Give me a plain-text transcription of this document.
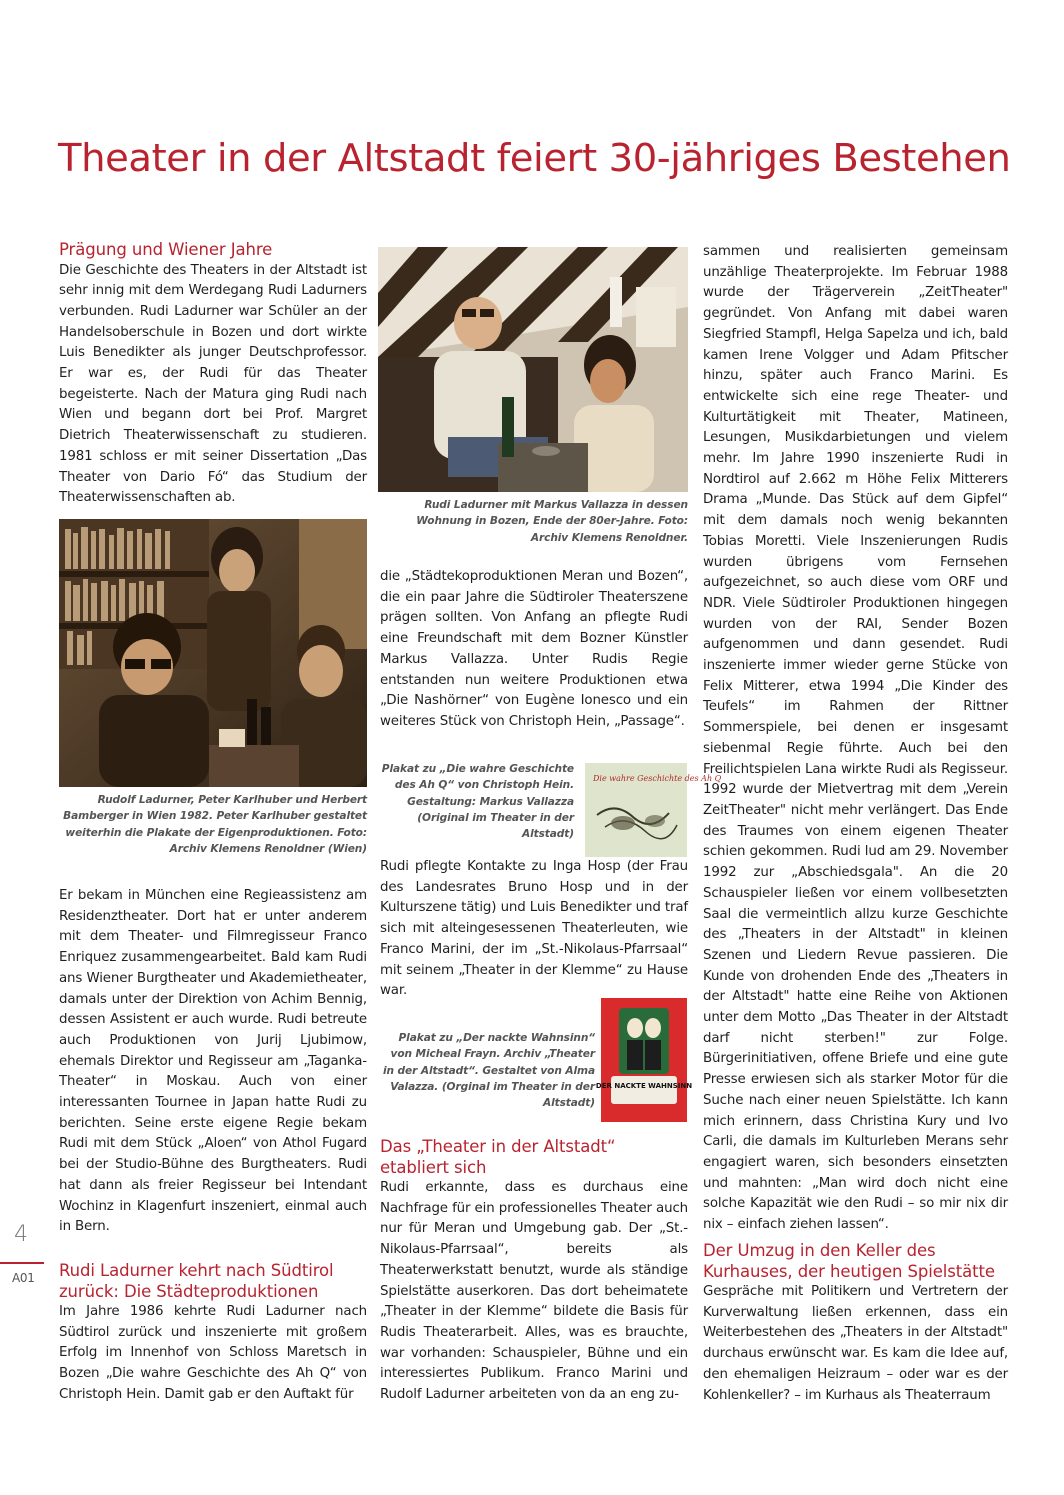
Theater in der Altstadt feiert 30-jähriges Bestehen
Prägung und Wiener Jahre

Die Geschichte des Theaters in der Altstadt ist sehr innig mit dem Werdegang Rudi Ladurners verbunden. Rudi Ladurner war Schüler an der Handelsoberschule in Bozen und dort wirkte Luis Benedikter als junger Deutschprofessor. Er war es, der Rudi für das Theater begeisterte. Nach der Matura ging Rudi nach Wien und begann dort bei Prof. Margret Dietrich Theaterwissenschaft zu studieren. 1981 schloss er mit seiner Dissertation „Das Theater von Dario Fó“ das Studium der Theaterwissenschaften ab.

Rudolf Ladurner, Peter Karlhuber und Herbert Bamberger in Wien 1982. Peter Karlhuber gestaltet weiterhin die Plakate der Eigenproduktionen. Foto: Archiv Klemens Renoldner (Wien)

Er bekam in München eine Regieassistenz am Residenztheater. Dort hat er unter anderem mit dem Theater- und Filmregisseur Franco Enriquez zusammengearbeitet. Bald kam Rudi ans Wiener Burgtheater und Akademietheater, damals unter der Direktion von Achim Bennig, dessen Assistent er auch wurde. Rudi betreute auch Produktionen von Jurij Ljubimow, ehemals Direktor und Regisseur am „Taganka-Theater“ in Moskau. Auch von einer interessanten Tournee in Japan hatte Rudi zu berichten. Seine erste eigene Regie bekam Rudi mit dem Stück „Aloen“ von Athol Fugard bei der Studio-Bühne des Burgtheaters. Rudi hat dann als freier Regisseur bei Intendant Wochinz in Klagenfurt inszeniert, einmal auch in Bern.

Rudi Ladurner kehrt nach Südtirol zurück: Die Städteproduktionen

Im Jahre 1986 kehrte Rudi Ladurner nach Südtirol zurück und inszenierte mit großem Erfolg im Innenhof von Schloss Maretsch in Bozen „Die wahre Geschichte des Ah Q“ von Christoph Hein. Damit gab er den Auftakt für

Rudi Ladurner mit Markus Vallazza in dessen Wohnung in Bozen, Ende der 80er-Jahre. Foto: Archiv Klemens Renoldner.

die „Städtekoproduktionen Meran und Bozen“, die ein paar Jahre die Südtiroler Theaterszene prägen sollten. Von Anfang an pflegte Rudi eine Freundschaft mit dem Bozner Künstler Markus Vallazza. Unter Rudis Regie entstanden nun weitere Produktionen etwa „Die Nashörner“ von Eugène Ionesco und ein weiteres Stück von Christoph Hein, „Passage“.

Plakat zu „Die wahre Geschichte des Ah Q“ von Christoph Hein. Gestaltung: Markus Vallazza (Original im Theater in der Altstadt)

Die wahre Geschichte des Ah Q

Rudi pflegte Kontakte zu Inga Hosp (der Frau des Landesrates Bruno Hosp und in der Kulturszene tätig) und Luis Benedikter und traf sich mit alteingesessenen Theaterleuten, wie Franco Marini, der im „St.-Nikolaus-Pfarrsaal“ mit seinem „Theater in der Klemme“ zu Hause war.

Plakat zu „Der nackte Wahnsinn“ von Micheal Frayn. Archiv „Theater in der Altstadt“. Gestaltet von Alma Valazza. (Orginal im Theater in der Altstadt)

DER NACKTE WAHNSINN
Das „Theater in der Altstadt“ etabliert sich

Rudi erkannte, dass es durchaus eine Nachfrage für ein professionelles Theater auch nur für Meran und Umgebung gab. Der „St.-Nikolaus-Pfarrsaal“, bereits als Theaterwerkstatt benutzt, wurde als ständige Spielstätte auserkoren. Das dort beheimatete „Theater in der Klemme“ bildete die Basis für Rudis Theaterarbeit. Alles, was es brauchte, war vorhanden: Schauspieler, Bühne und ein interessiertes Publikum. Franco Marini und Rudolf Ladurner arbeiteten von da an eng zu-

sammen und realisierten gemeinsam unzählige Theaterprojekte. Im Februar 1988 wurde der Trägerverein „ZeitTheater" gegründet. Von Anfang mit dabei waren Siegfried Stampfl, Helga Sapelza und ich, bald kamen Irene Volgger und Adam Pfitscher hinzu, später auch Franco Marini. Es entwickelte sich eine rege Theater- und Kulturtätigkeit mit Theater, Matineen, Lesungen, Musikdarbietungen und vielem mehr. Im Jahre 1990 inszenierte Rudi in Nordtirol auf 2.662 m Höhe Felix Mitterers Drama „Munde. Das Stück auf dem Gipfel“ mit dem damals noch wenig bekannten Tobias Moretti. Viele Inszenierungen Rudis wurden übrigens vom Fernsehen aufgezeichnet, so auch diese vom ORF und NDR. Viele Südtiroler Produktionen hingegen wurden von der RAI, Sender Bozen aufgenommen und dann gesendet. Rudi inszenierte immer wieder gerne Stücke von Felix Mitterer, etwa 1994 „Die Kinder des Teufels“ im Rahmen der Rittner Sommerspiele, bei denen er insgesamt siebenmal Regie führte. Auch bei den Freilichtspielen Lana wirkte Rudi als Regisseur. 1992 wurde der Mietvertrag mit dem „Verein ZeitTheater" nicht mehr verlängert. Das Ende des Traumes von einem eigenen Theater schien gekommen. Rudi lud am 29. November 1992 zur „Abschiedsgala". An die 20 Schauspieler ließen vor einem vollbesetzten Saal die vermeintlich allzu kurze Geschichte des „Theaters in der Altstadt" in kleinen Szenen und Liedern Revue passieren. Die Kunde von drohenden Ende des „Theaters in der Altstadt" hatte eine Reihe von Aktionen unter dem Motto „Das Theater in der Altstadt darf nicht sterben!" zur Folge. Bürgerinitiativen, offene Briefe und eine gute Presse erwiesen sich als starker Motor für die Suche nach einer neuen Spielstätte. Ich kann mich erinnern, dass Christina Kury und Ivo Carli, die damals im Kulturleben Merans sehr engagiert waren, sich besonders einsetzten und mahnten: „Man wird doch nicht eine solche Kapazität wie den Rudi – so mir nix dir nix – einfach ziehen lassen“.

Der Umzug in den Keller des Kurhauses, der heutigen Spielstätte

Gespräche mit Politikern und Vertretern der Kurverwaltung ließen erkennen, dass ein Weiterbestehen des „Theaters in der Altstadt" durchaus erwünscht war. Es kam die Idee auf, den ehemaligen Heizraum – oder war es der Kohlenkeller? – im Kurhaus als Theaterraum

4
A01
